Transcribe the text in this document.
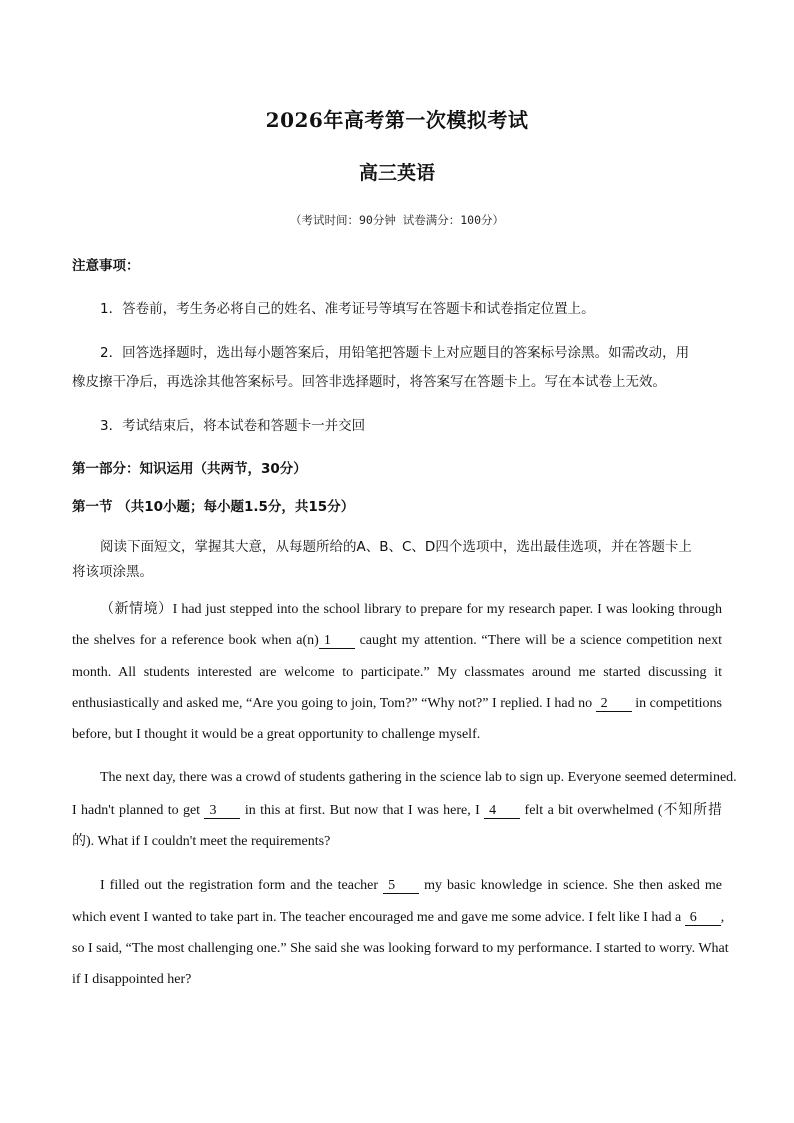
2026年高考第一次模拟考试
高三英语
（考试时间：90分钟 试卷满分：100分）
注意事项：
1．答卷前，考生务必将自己的姓名、准考证号等填写在答题卡和试卷指定位置上。
2．回答选择题时，选出每小题答案后，用铅笔把答题卡上对应题目的答案标号涂黑。如需改动，用
橡皮擦干净后，再选涂其他答案标号。回答非选择题时，将答案写在答题卡上。写在本试卷上无效。
3．考试结束后，将本试卷和答题卡一并交回
第一部分：知识运用（共两节，30分）
第一节 （共10小题；每小题1.5分，共15分）
阅读下面短文，掌握其大意，从每题所给的A、B、C、D四个选项中，选出最佳选项，并在答题卡上
将该项涂黑。
（新情境）I had just stepped into the school library to prepare for my research paper. I was looking through
the shelves for a reference book when a(n) 1 caught my attention. “There will be a science competition next
month. All students interested are welcome to participate.” My classmates around me started discussing it
enthusiastically and asked me, “Are you going to join, Tom?” “Why not?” I replied. I had no 2 in competitions
before, but I thought it would be a great opportunity to challenge myself.
The next day, there was a crowd of students gathering in the science lab to sign up. Everyone seemed determined.
I hadn't planned to get 3 in this at first. But now that I was here, I 4 felt a bit overwhelmed (不知所措
的). What if I couldn't meet the requirements?
I filled out the registration form and the teacher 5 my basic knowledge in science. She then asked me
which event I wanted to take part in. The teacher encouraged me and gave me some advice. I felt like I had a 6 ,
so I said, “The most challenging one.” She said she was looking forward to my performance. I started to worry. What
if I disappointed her?
